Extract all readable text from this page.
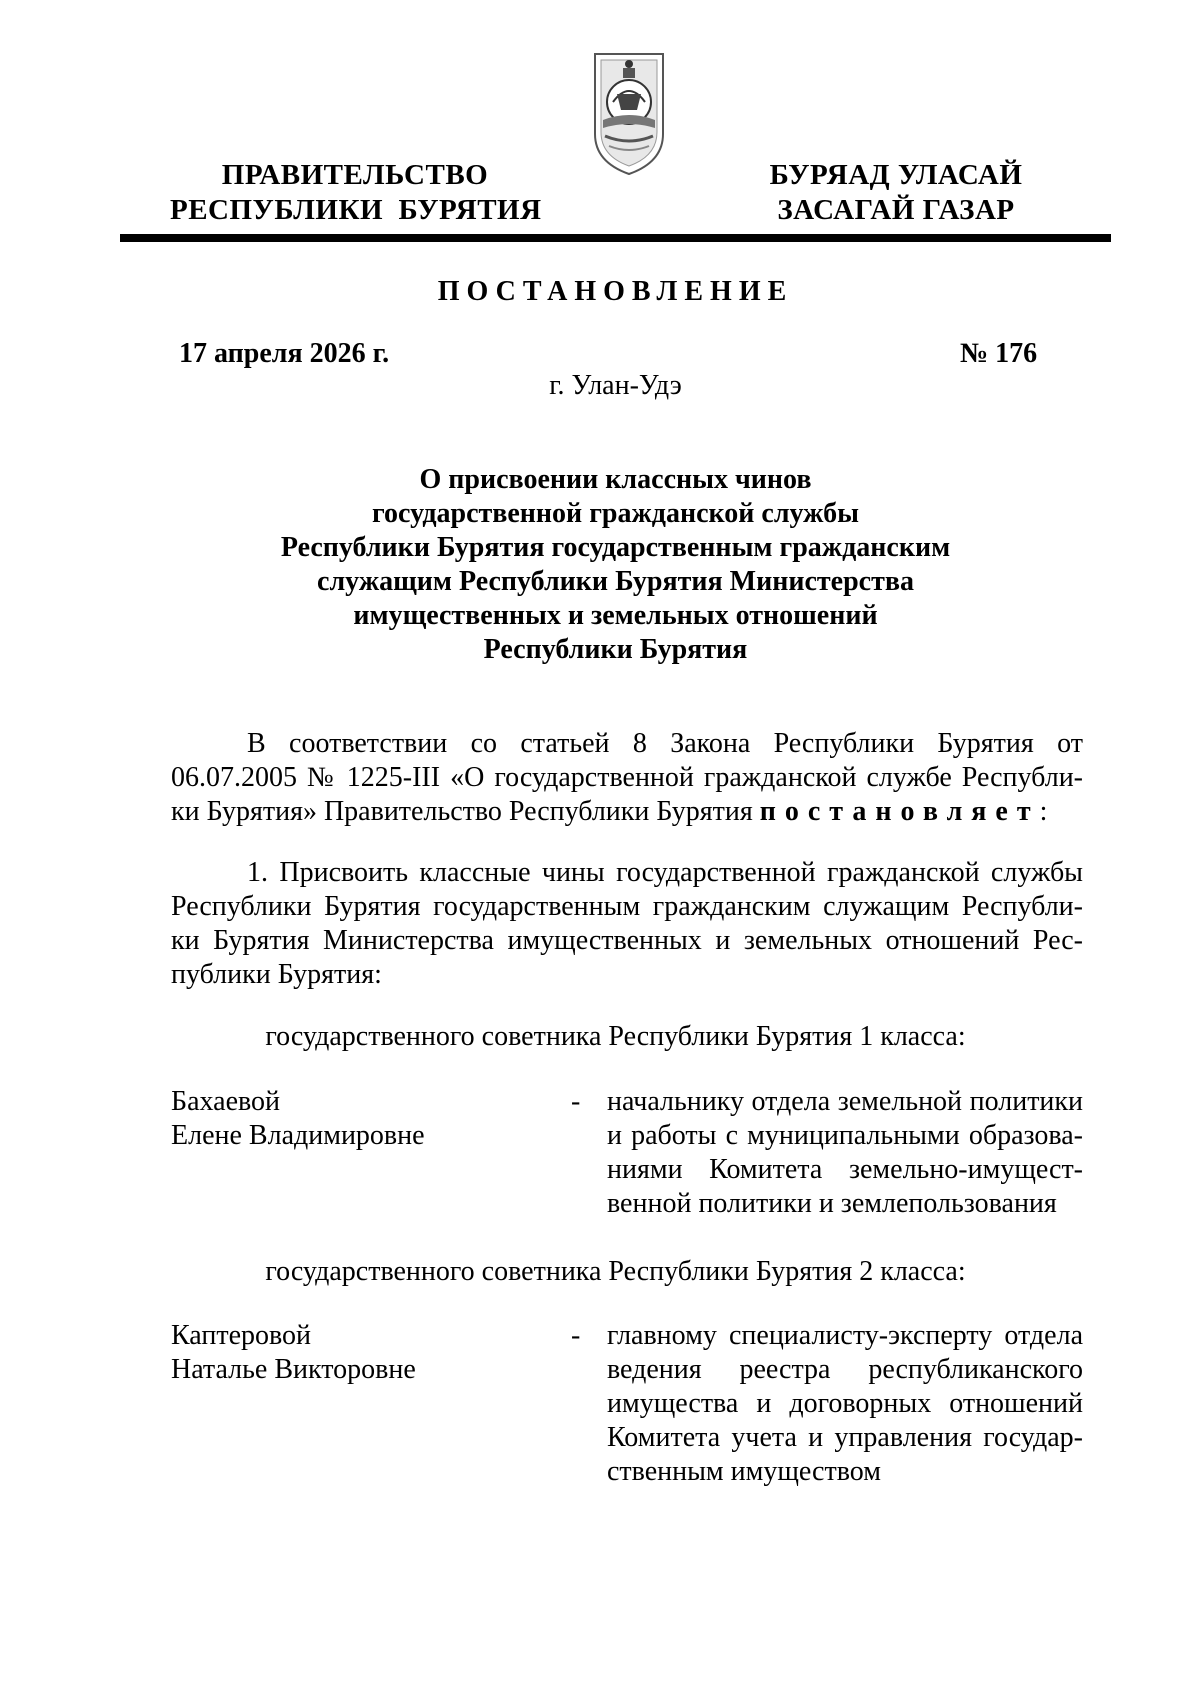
ПРАВИТЕЛЬСТВО
РЕСПУБЛИКИ  БУРЯТИЯ
БУРЯАД УЛАСАЙ
ЗАСАГАЙ ГАЗАР
ПОСТАНОВЛЕНИЕ
17 апреля 2026 г.	№ 176
г. Улан-Удэ
О присвоении классных чинов
государственной гражданской службы
Республики Бурятия государственным гражданским
служащим Республики Бурятия Министерства
имущественных и земельных отношений
Республики Бурятия
В соответствии со статьей 8 Закона Республики Бурятия от
06.07.2005 № 1225-III «О государственной гражданской службе Республи-
ки Бурятия» Правительство Республики Бурятия постановляет:
1. Присвоить классные чины государственной гражданской службы
Республики Бурятия государственным гражданским служащим Республи-
ки Бурятия Министерства имущественных и земельных отношений Рес-
публики Бурятия:
государственного советника Республики Бурятия 1 класса:
Бахаевой
Елене Владимировне
- начальнику отдела земельной политики
и работы с муниципальными образова-
ниями Комитета земельно-имущест-
венной политики и землепользования
государственного советника Республики Бурятия 2 класса:
Каптеровой
Наталье Викторовне
- главному специалисту-эксперту отдела
ведения реестра республиканского
имущества и договорных отношений
Комитета учета и управления государ-
ственным имуществом
